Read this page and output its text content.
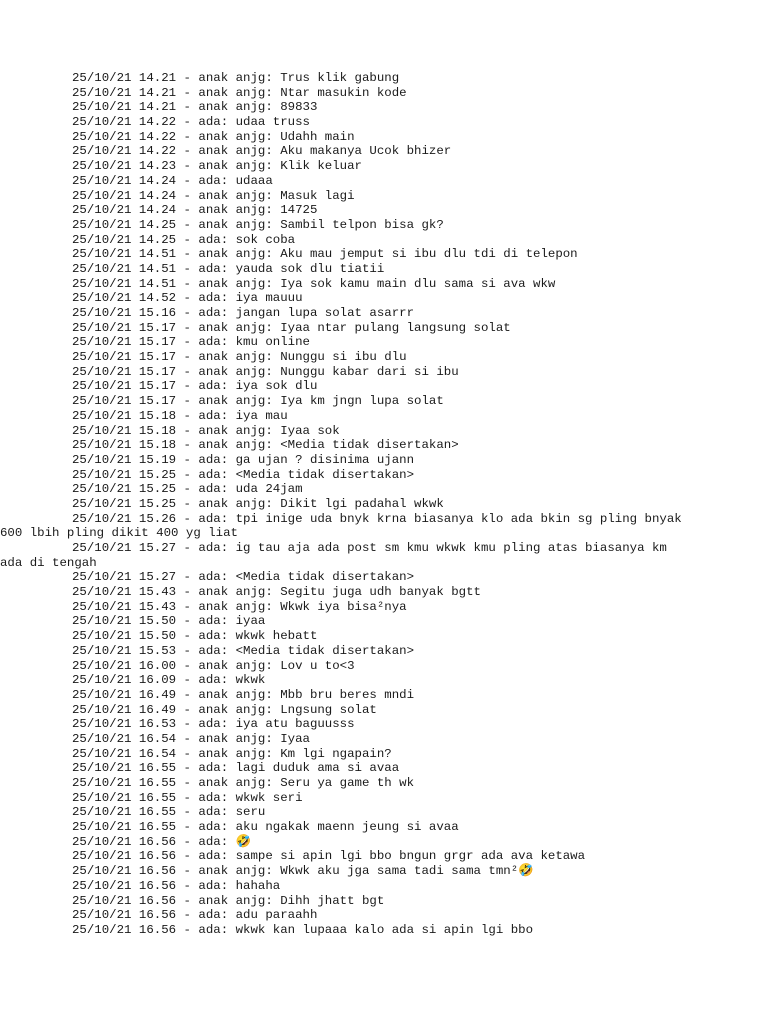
25/10/21 14.21 - anak anjg: Trus klik gabung
25/10/21 14.21 - anak anjg: Ntar masukin kode
25/10/21 14.21 - anak anjg: 89833
25/10/21 14.22 - ada: udaa truss
25/10/21 14.22 - anak anjg: Udahh main
25/10/21 14.22 - anak anjg: Aku makanya Ucok bhizer
25/10/21 14.23 - anak anjg: Klik keluar
25/10/21 14.24 - ada: udaaa
25/10/21 14.24 - anak anjg: Masuk lagi
25/10/21 14.24 - anak anjg: 14725
25/10/21 14.25 - anak anjg: Sambil telpon bisa gk?
25/10/21 14.25 - ada: sok coba
25/10/21 14.51 - anak anjg: Aku mau jemput si ibu dlu tdi di telepon
25/10/21 14.51 - ada: yauda sok dlu tiatii
25/10/21 14.51 - anak anjg: Iya sok kamu main dlu sama si ava wkw
25/10/21 14.52 - ada: iya mauuu
25/10/21 15.16 - ada: jangan lupa solat asarrr
25/10/21 15.17 - anak anjg: Iyaa ntar pulang langsung solat
25/10/21 15.17 - ada: kmu online
25/10/21 15.17 - anak anjg: Nunggu si ibu dlu
25/10/21 15.17 - anak anjg: Nunggu kabar dari si ibu
25/10/21 15.17 - ada: iya sok dlu
25/10/21 15.17 - anak anjg: Iya km jngn lupa solat
25/10/21 15.18 - ada: iya mau
25/10/21 15.18 - anak anjg: Iyaa sok
25/10/21 15.18 - anak anjg: <Media tidak disertakan>
25/10/21 15.19 - ada: ga ujan ? disinima ujann
25/10/21 15.25 - ada: <Media tidak disertakan>
25/10/21 15.25 - ada: uda 24jam
25/10/21 15.25 - anak anjg: Dikit lgi padahal wkwk
25/10/21 15.26 - ada: tpi inige uda bnyk krna biasanya klo ada bkin sg pling bnyak
600 lbih pling dikit 400 yg liat
25/10/21 15.27 - ada: ig tau aja ada post sm kmu wkwk kmu pling atas biasanya km
ada di tengah
25/10/21 15.27 - ada: <Media tidak disertakan>
25/10/21 15.43 - anak anjg: Segitu juga udh banyak bgtt
25/10/21 15.43 - anak anjg: Wkwk iya bisa²nya
25/10/21 15.50 - ada: iyaa
25/10/21 15.50 - ada: wkwk hebatt
25/10/21 15.53 - ada: <Media tidak disertakan>
25/10/21 16.00 - anak anjg: Lov u to<3
25/10/21 16.09 - ada: wkwk
25/10/21 16.49 - anak anjg: Mbb bru beres mndi
25/10/21 16.49 - anak anjg: Lngsung solat
25/10/21 16.53 - ada: iya atu baguusss
25/10/21 16.54 - anak anjg: Iyaa
25/10/21 16.54 - anak anjg: Km lgi ngapain?
25/10/21 16.55 - ada: lagi duduk ama si avaa
25/10/21 16.55 - anak anjg: Seru ya game th wk
25/10/21 16.55 - ada: wkwk seri
25/10/21 16.55 - ada: seru
25/10/21 16.55 - ada: aku ngakak maenn jeung si avaa
25/10/21 16.56 - ada: 🤣
25/10/21 16.56 - ada: sampe si apin lgi bbo bngun grgr ada ava ketawa
25/10/21 16.56 - anak anjg: Wkwk aku jga sama tadi sama tmn²🤣
25/10/21 16.56 - ada: hahaha
25/10/21 16.56 - anak anjg: Dihh jhatt bgt
25/10/21 16.56 - ada: adu paraahh
25/10/21 16.56 - ada: wkwk kan lupaaa kalo ada si apin lgi bbo
